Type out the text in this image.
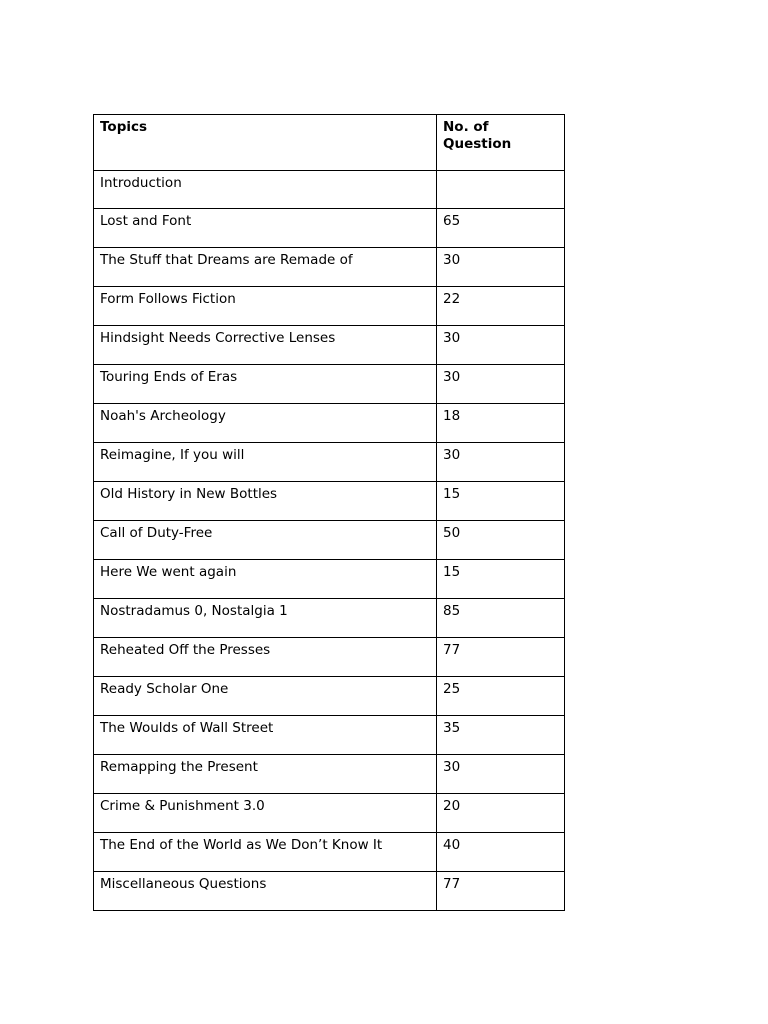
Topics	No. of Question
Introduction	
Lost and Font	65
The Stuff that Dreams are Remade of	30
Form Follows Fiction	22
Hindsight Needs Corrective Lenses	30
Touring Ends of Eras	30
Noah's Archeology	18
Reimagine, If you will	30
Old History in New Bottles	15
Call of Duty-Free	50
Here We went again	15
Nostradamus 0, Nostalgia 1	85
Reheated Off the Presses	77
Ready Scholar One	25
The Woulds of Wall Street	35
Remapping the Present	30
Crime & Punishment 3.0	20
The End of the World as We Don’t Know It	40
Miscellaneous Questions	77
